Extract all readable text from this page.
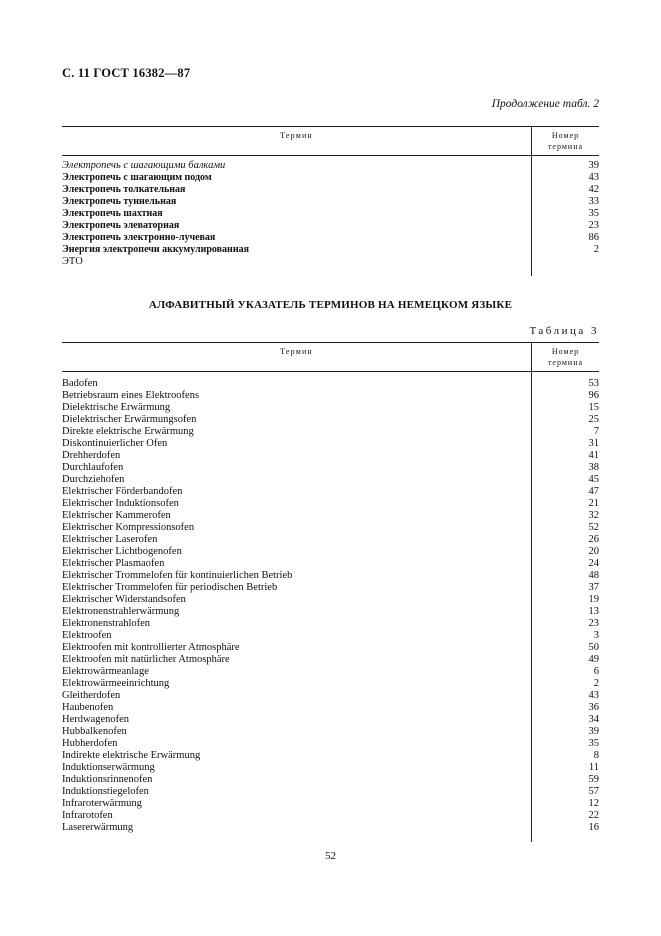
С. 11 ГОСТ 16382—87
Продолжение табл. 2
Термин	Номер
термина
Электропечь с шагающими балками	39
Электропечь с шагающим подом	43
Электропечь толкательная	42
Электропечь туннельная	33
Электропечь шахтная	35
Электропечь элеваторная	23
Электропечь электронно-лучевая	86
Энергия электропечи аккумулированная	2
ЭТО
АЛФАВИТНЫЙ УКАЗАТЕЛЬ ТЕРМИНОВ НА НЕМЕЦКОМ ЯЗЫКЕ
Таблица 3
Термин	Номер
термина
Badofen	53
Betriebsraum eines Elektroofens	96
Dielektrische Erwärmung	15
Dielektrischer Erwärmungsofen	25
Direkte elektrische Erwärmung	7
Diskontinuierlicher Ofen	31
Drehherdofen	41
Durchlaufofen	38
Durchziehofen	45
Elektrischer Förderbandofen	47
Elektrischer Induktionsofen	21
Elektrischer Kammerofen	32
Elektrischer Kompressionsofen	52
Elektrischer Laserofen	26
Elektrischer Lichtbogenofen	20
Elektrischer Plasmaofen	24
Elektrischer Trommelofen für kontinuierlichen Betrieb	48
Elektrischer Trommelofen für periodischen Betrieb	37
Elektrischer Widerstandsofen	19
Elektronenstrahlerwärmung	13
Elektronenstrahlofen	23
Elektroofen	3
Elektroofen mit kontrollierter Atmosphäre	50
Elektroofen mit natürlicher Atmosphäre	49
Elektrowärmeanlage	6
Elektrowärmeeinrichtung	2
Gleitherdofen	43
Haubenofen	36
Herdwagenofen	34
Hubbalkenofen	39
Hubherdofen	35
Indirekte elektrische Erwärmung	8
Induktionserwärmung	11
Induktionsrinnenofen	59
Induktionstiegelofen	57
Infraroterwärmung	12
Infrarotofen	22
Lasererwärmung	16
52
